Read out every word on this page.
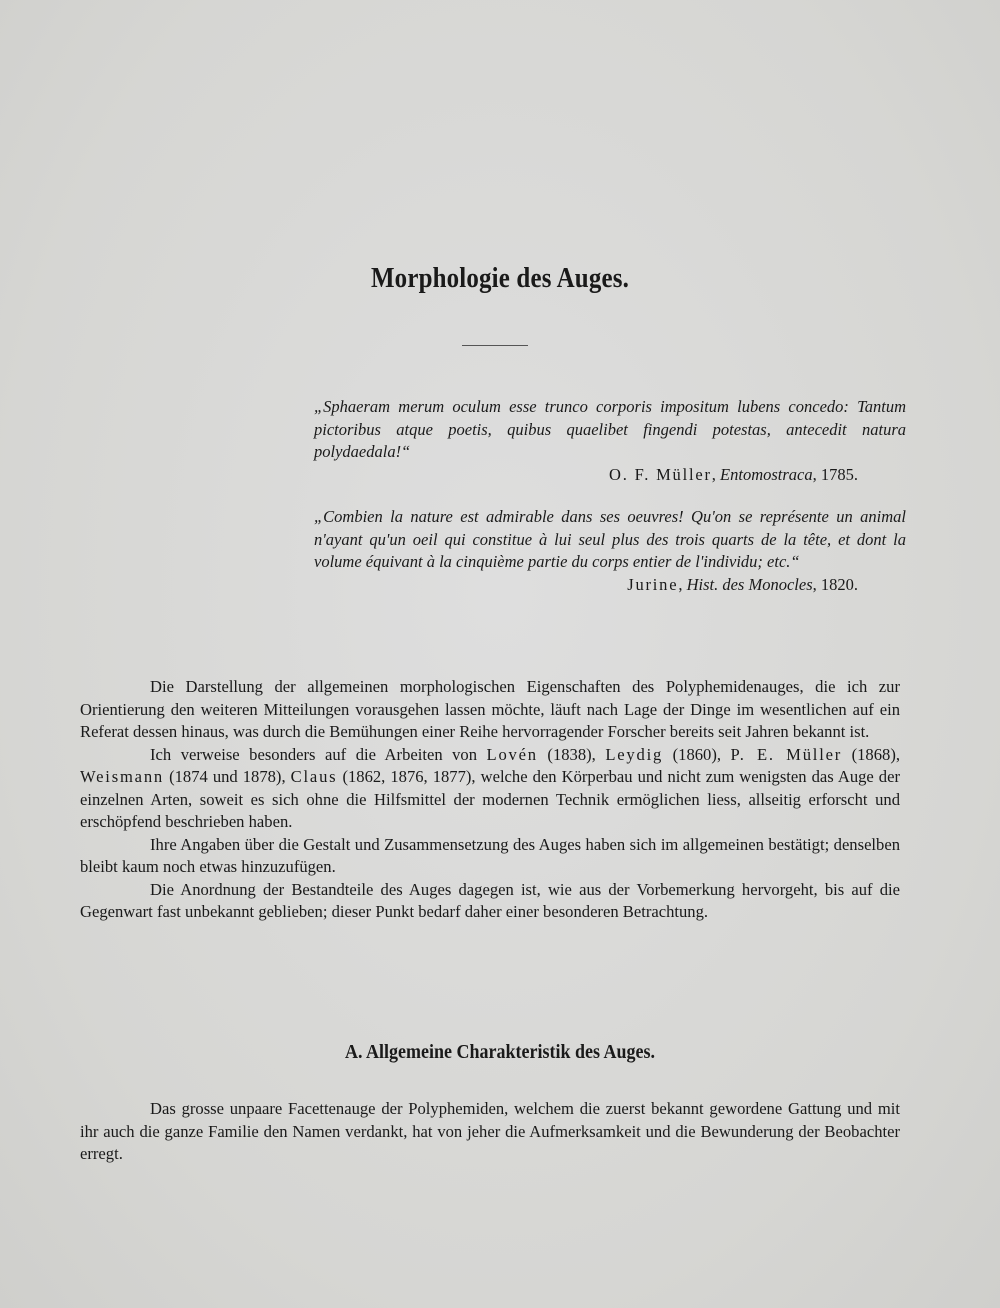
Morphologie des Auges.
„Sphaeram merum oculum esse trunco corporis impositum lubens concedo: Tantum pictoribus atque poetis, quibus quaelibet fingendi potestas, antecedit natura polydaedala!“
O. F. Müller, Entomostraca, 1785.
„Combien la nature est admirable dans ses oeuvres! Qu'on se représente un animal n'ayant qu'un oeil qui constitue à lui seul plus des trois quarts de la tête, et dont la volume équivant à la cinquième partie du corps entier de l'individu; etc.“
Jurine, Hist. des Monocles, 1820.

Die Darstellung der allgemeinen morphologischen Eigenschaften des Polyphemidenauges, die ich zur Orientierung den weiteren Mitteilungen vorausgehen lassen möchte, läuft nach Lage der Dinge im wesentlichen auf ein Referat dessen hinaus, was durch die Bemühungen einer Reihe hervorragender Forscher bereits seit Jahren bekannt ist.

Ich verweise besonders auf die Arbeiten von Lovén (1838), Leydig (1860), P. E. Müller (1868), Weismann (1874 und 1878), Claus (1862, 1876, 1877), welche den Körperbau und nicht zum wenigsten das Auge der einzelnen Arten, soweit es sich ohne die Hilfsmittel der modernen Technik ermöglichen liess, allseitig erforscht und erschöpfend beschrieben haben.

Ihre Angaben über die Gestalt und Zusammensetzung des Auges haben sich im allgemeinen bestätigt; denselben bleibt kaum noch etwas hinzuzufügen.

Die Anordnung der Bestandteile des Auges dagegen ist, wie aus der Vorbemerkung hervorgeht, bis auf die Gegenwart fast unbekannt geblieben; dieser Punkt bedarf daher einer besonderen Betrachtung.

A. Allgemeine Charakteristik des Auges.

Das grosse unpaare Facettenauge der Polyphemiden, welchem die zuerst bekannt gewordene Gattung und mit ihr auch die ganze Familie den Namen verdankt, hat von jeher die Aufmerksamkeit und die Bewunderung der Beobachter erregt.
